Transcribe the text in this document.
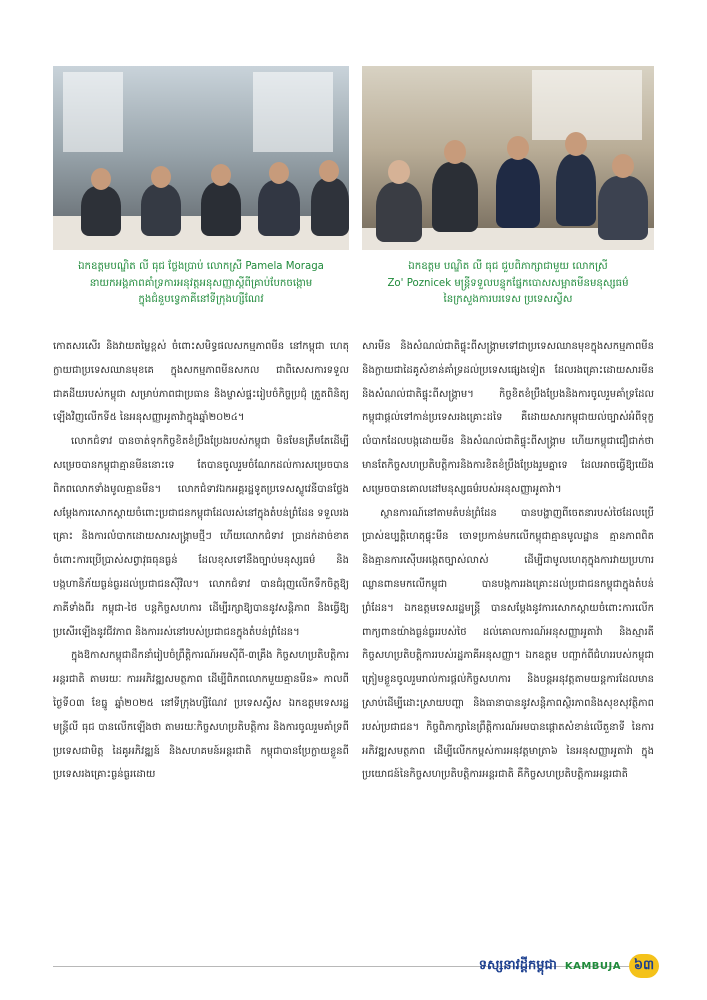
ឯកឧត្តមបណ្ឌិត លី ធុជ ថ្លែងប្រាប់ លោកស្រី Pamela Moraga
នាយកអង្គភាពគាំទ្រការអនុវត្តអនុសញ្ញាស្ដីពីគ្រាប់បែកចង្កោម
ក្នុងជំនួបទ្វេភាគីនៅទីក្រុងហ្សឺណែវ
ឯកឧត្តម បណ្ឌិត លី ធុជ ជួបពិភាក្សាជាមួយ លោកស្រី
Zo' Poznicek មន្ត្រីទទួលបន្ទុកផ្នែកបោសសម្អាតមីនមនុស្សធម៌
នៃក្រសួងការបរទេស ប្រទេសស្វីស

កោតសរសើរ និងវាយតម្លៃខ្ពស់ ចំពោះសមិទ្ធផលសកម្មភាពមីន នៅកម្ពុជា ហេតុក្លាយជាប្រទេសឈានមុខគេ ក្នុងសកម្មភាពមីនសកល ជាពិសេសការទទួលជាគដីយរបស់កម្ពុជា សម្រាប់ភាពជាប្រធាន និងម្ចាស់ផ្ទះរៀបចំកិច្ចប្រជុំ ត្រួតពិនិត្យឡើងវិញលើកទី៥ នៃអនុសញ្ញាអូតាវ៉ាក្នុងឆ្នាំ២០២៤។

លោកជំទាវ បានចាត់ទុកកិច្ចខិតខំប្រឹងប្រែងរបស់កម្ពុជា មិនមែនត្រឹមតែដើម្បីសម្រេចបានកម្ពុជាគ្មានមីននោះទេ តែបានចូលរួមចំណែកដល់ការសម្រេចបានពិភពលោកទាំងមូលគ្មានមីន។ លោកជំទាវឯកអគ្គរដ្ឋទូតប្រទេសស្លូវេនីបានថ្លែងសម្តែងការសោកស្តាយចំពោះប្រជាជនកម្ពុជាដែលរស់នៅក្នុងតំបន់ព្រំដែន ទទួលរងគ្រោះ និងការលំបាកដោយសារសង្គ្រាមថ្មីៗ ហើយលោកជំទាវ ប្រាដក់ដាច់ខាត ចំពោះការប្រើប្រាស់សព្វាវុធធុនធ្ងន់ ដែលខុសទៅនឹងច្បាប់មនុស្សធម៌ និងបង្កហានិភ័យធ្ងន់ធ្ងរដល់ប្រជាជនស៊ីវិល។ លោកជំទាវ បានជំរុញលើកទឹកចិត្តឱ្យភាគីទាំងពីរ កម្ពុជា-ថៃ បន្តកិច្ចសហការ ដើម្បីរក្សាឱ្យបាននូវសន្តិភាព និងធ្វើឱ្យប្រសើរឡើងនូវជីវភាព និងការរស់នៅរបស់ប្រជាជនក្នុងតំបន់ព្រំដែន។

ក្នុងឱកាសកម្ពុជាដឹកនាំរៀបចំព្រឹត្តិការណ៍អមស៊ីពី-៣គ្រឹង កិច្ចសហប្រតិបត្តិការអន្តរជាតិ តាមរយៈ ការអភិវឌ្ឍសមត្ថភាព ដើម្បីពិភពលោកមួយគ្មានមីន» កាលពីថ្ងៃទី០៣ ខែធ្នូ ឆ្នាំ២០២៥ នៅទីក្រុងហ្សឺណែវ ប្រទេសស្វីស ឯកឧត្តមទេសរដ្ឋមន្ត្រីលី ធុជ បានលើកឡើងថា តាមរយៈកិច្ចសហប្រតិបត្តិការ និងការចូលរួមគាំទ្រពីប្រទេសជាមិត្ត ដៃគូអភិវឌ្ឍន៍ និងសហគមន៍អន្តរជាតិ កម្ពុជាបានប្រែក្លាយខ្លួនពីប្រទេសរងគ្រោះធ្ងន់ធ្ងរដោយ

សារមីន និងសំណល់ជាតិផ្ទុះពីសង្គ្រាមទៅជាប្រទេសឈានមុខក្នុងសកម្មភាពមីន និងក្លាយជាដៃគូសំខាន់គាំទ្រដល់ប្រទេសផ្សេងទៀត ដែលរងគ្រោះដោយសារមីន និងសំណល់ជាតិផ្ទុះពីសង្គ្រាម។ កិច្ចខិតខំប្រឹងប្រែងនិងការចូលរួមគាំទ្រដែលកម្ពុជាផ្តល់ទៅកាន់ប្រទេសរងគ្រោះដទៃ គឺដោយសារកម្ពុជាយល់ច្បាស់អំពីទុក្ខលំបាកដែលបង្កដោយមីន និងសំណល់ជាតិផ្ទុះពីសង្គ្រាម ហើយកម្ពុជាជឿជាក់ថា មានតែកិច្ចសហប្រតិបត្តិការនិងការខិតខំប្រឹងប្រែងរួមគ្នាទេ ដែលអាចធ្វើឱ្យយើងសម្រេចបានគោលដៅមនុស្សធម៌របស់អនុសញ្ញាអូតាវ៉ា។

ស្ថានការណ៍នៅតាមតំបន់ព្រំដែន បានបង្ហាញពីចេតនារបស់ថៃដែលប្រើប្រាស់ឧប្បត្តិហេតុផ្ទុះមីន ចោទប្រកាន់មកលើកម្ពុជាគ្មានមូលដ្ឋាន គ្មានភាពពិត និងគ្មានការស៊ើបអង្កេតច្បាស់លាស់ ដើម្បីជាមូលហេតុក្នុងការវាយប្រហារឈ្លានពានមកលើកម្ពុជា បានបង្កការរងគ្រោះដល់ប្រជាជនកម្ពុជាក្នុងតំបន់ព្រំដែន។ ឯកឧត្តមទេសរដ្ឋមន្ត្រី បានសម្តែងនូវការសោកស្តាយចំពោះការលើកពាក្យពានយ៉ាងធ្ងន់ធ្ងររបស់ថៃ ដល់គោលការណ៍អនុសញ្ញាអូតាវ៉ា និងស្មារតីកិច្ចសហប្រតិបត្តិការរបស់រដ្ឋភាគីអនុសញ្ញា។ ឯកឧត្តម បញ្ជាក់ពីជំហររបស់កម្ពុជា ត្រៀមខ្លួនចូលរួមរាល់ការផ្តល់កិច្ចសហការ និងបន្តអនុវត្តតាមយន្តការដែលមានស្រាប់ដើម្បីដោះស្រាយបញ្ហា និងធានាបាននូវសន្តិភាពស្ថិរភាពនិងសុខសុវត្ថិភាពរបស់ប្រជាជន។ កិច្ចពិភាក្សានៃព្រឹត្តិការណ៍អមបានផ្ដោតសំខាន់លើតួនាទី នៃការអភិវឌ្ឍសមត្ថភាព ដើម្បីលើកកម្ពស់ការអនុវត្តមាត្រា៦ នៃអនុសញ្ញាអូតាវ៉ា ក្នុងប្រយោជន៍នៃកិច្ចសហប្រតិបត្តិការអន្តរជាតិ គឺកិច្ចសហប្រតិបត្តិការអន្តរជាតិ

ទស្សនាវដ្តីកម្ពុជា KAMBUJA ៦៣
